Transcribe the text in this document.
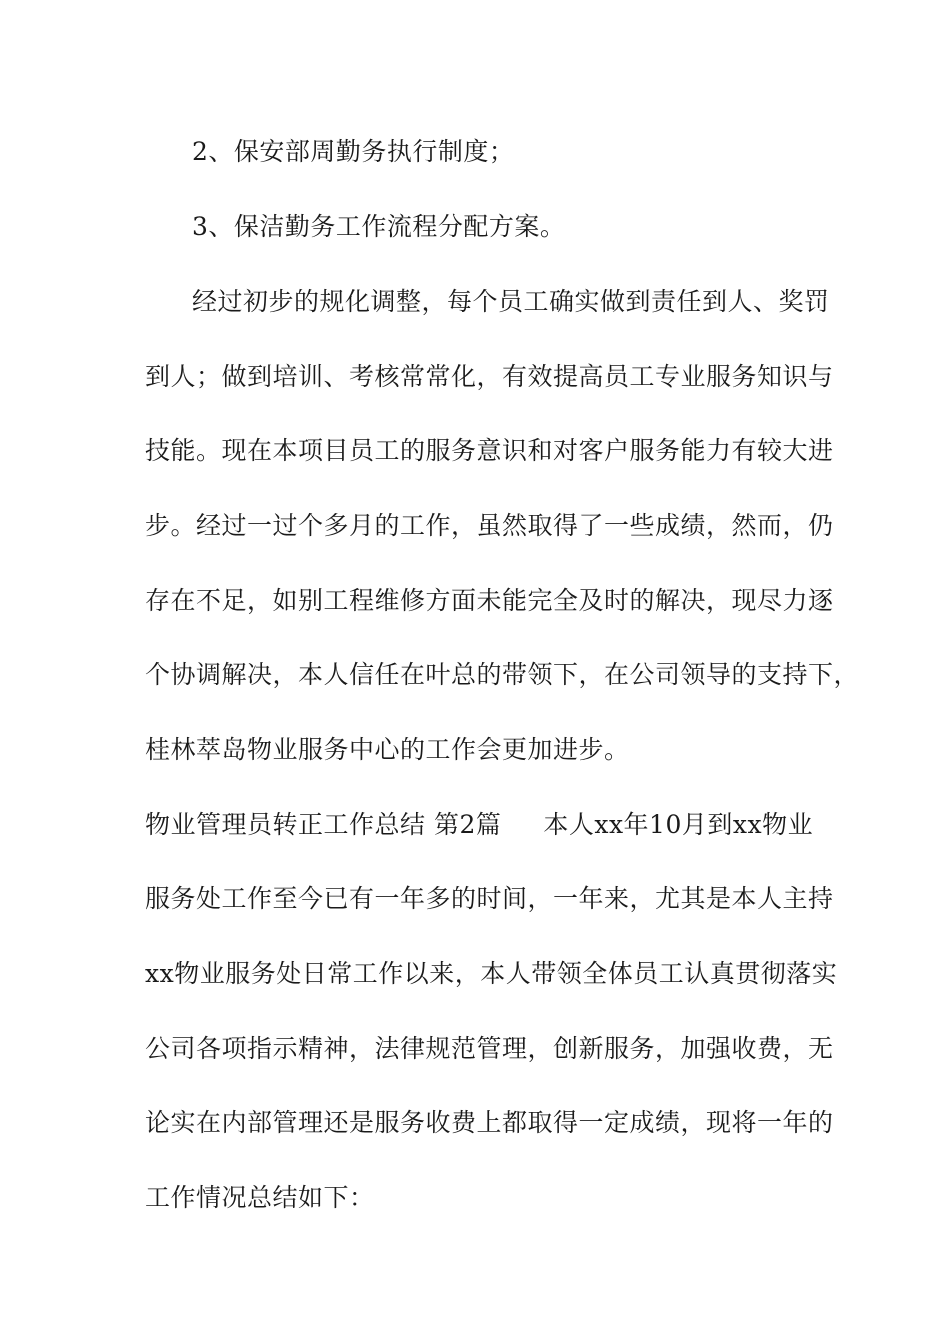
2、保安部周勤务执行制度；
3、保洁勤务工作流程分配方案。
经过初步的规化调整，每个员工确实做到责任到人、奖罚
到人；做到培训、考核常常化，有效提高员工专业服务知识与
技能。现在本项目员工的服务意识和对客户服务能力有较大进
步。经过一过个多月的工作，虽然取得了一些成绩，然而，仍
存在不足，如别工程维修方面未能完全及时的解决，现尽力逐
个协调解决，本人信任在叶总的带领下，在公司领导的支持下，
桂林萃岛物业服务中心的工作会更加进步。
物业管理员转正工作总结 第2篇 本人xx年10月到xx物业
服务处工作至今已有一年多的时间，一年来，尤其是本人主持
xx物业服务处日常工作以来，本人带领全体员工认真贯彻落实
公司各项指示精神，法律规范管理，创新服务，加强收费，无
论实在内部管理还是服务收费上都取得一定成绩，现将一年的
工作情况总结如下：
